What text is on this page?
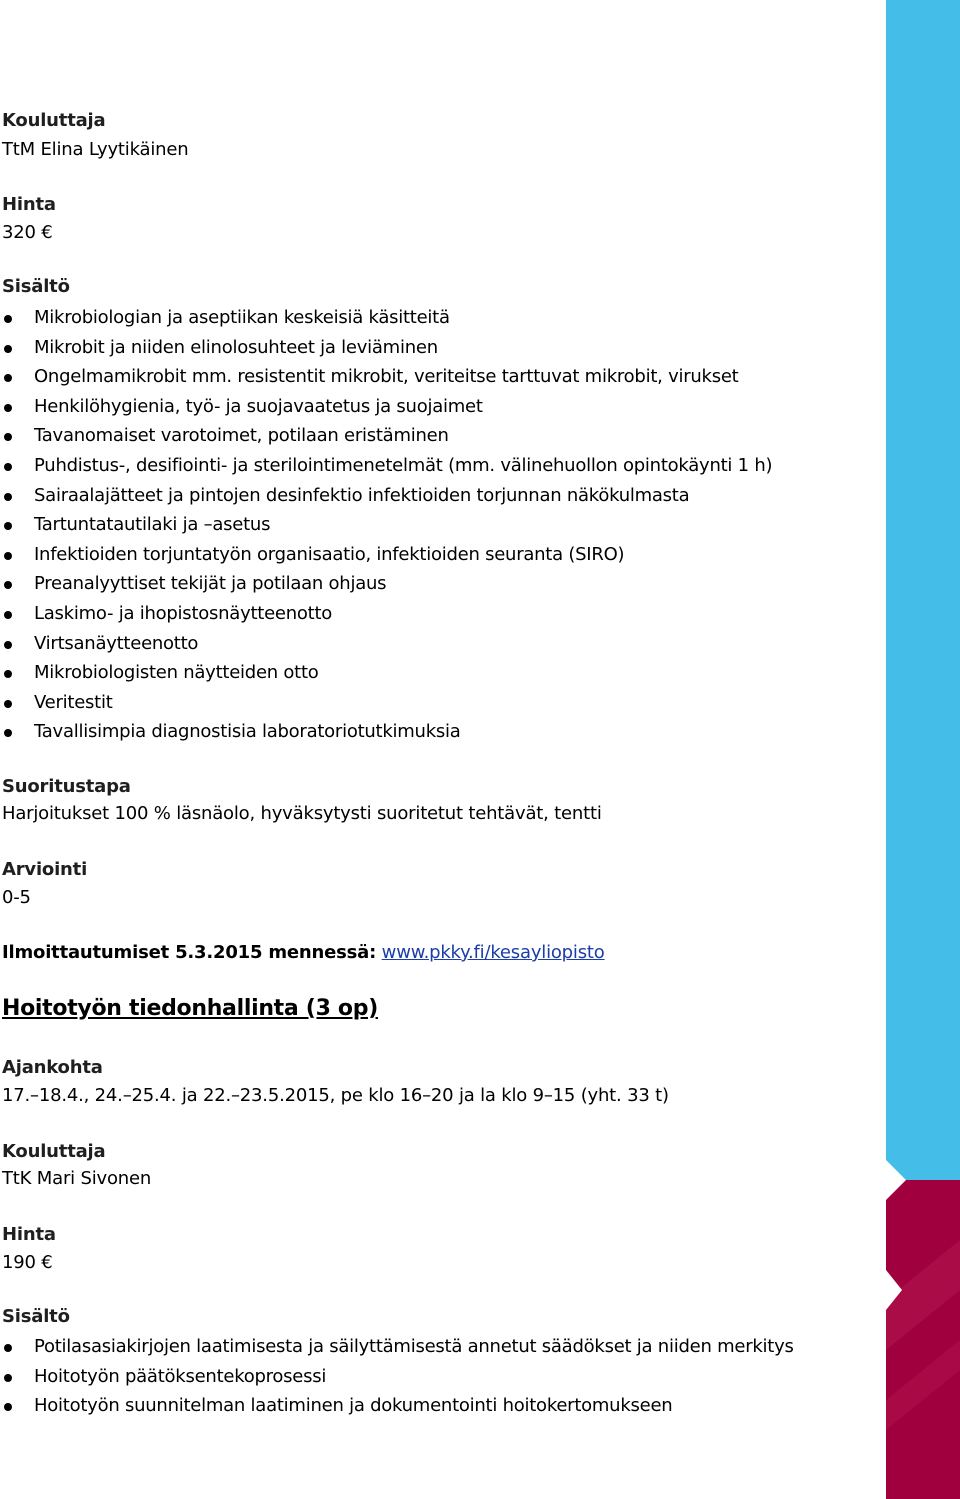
Kouluttaja
TtM Elina Lyytikäinen
Hinta
320 €
Sisältö
Mikrobiologian ja aseptiikan keskeisiä käsitteitä
Mikrobit ja niiden elinolosuhteet ja leviäminen
Ongelmamikrobit mm. resistentit mikrobit, veriteitse tarttuvat mikrobit, virukset
Henkilöhygienia, työ- ja suojavaatetus ja suojaimet
Tavanomaiset varotoimet, potilaan eristäminen
Puhdistus-, desifiointi- ja sterilointimenetelmät (mm. välinehuollon opintokäynti 1 h)
Sairaalajätteet ja pintojen desinfektio infektioiden torjunnan näkökulmasta
Tartuntatautilaki ja –asetus
Infektioiden torjuntatyön organisaatio, infektioiden seuranta (SIRO)
Preanalyyttiset tekijät ja potilaan ohjaus
Laskimo- ja ihopistosnäytteenotto
Virtsanäytteenotto
Mikrobiologisten näytteiden otto
Veritestit
Tavallisimpia diagnostisia laboratoriotutkimuksia
Suoritustapa
Harjoitukset 100 % läsnäolo, hyväksytysti suoritetut tehtävät, tentti
Arviointi
0-5
Ilmoittautumiset 5.3.2015 mennessä: www.pkky.fi/kesayliopisto
Hoitotyön tiedonhallinta (3 op)
Ajankohta
17.–18.4., 24.–25.4. ja 22.–23.5.2015, pe klo 16–20 ja la klo 9–15 (yht. 33 t)
Kouluttaja
TtK Mari Sivonen
Hinta
190 €
Sisältö
Potilasasiakirjojen laatimisesta ja säilyttämisestä annetut säädökset ja niiden merkitys
Hoitotyön päätöksentekoprosessi
Hoitotyön suunnitelman laatiminen ja dokumentointi hoitokertomukseen
